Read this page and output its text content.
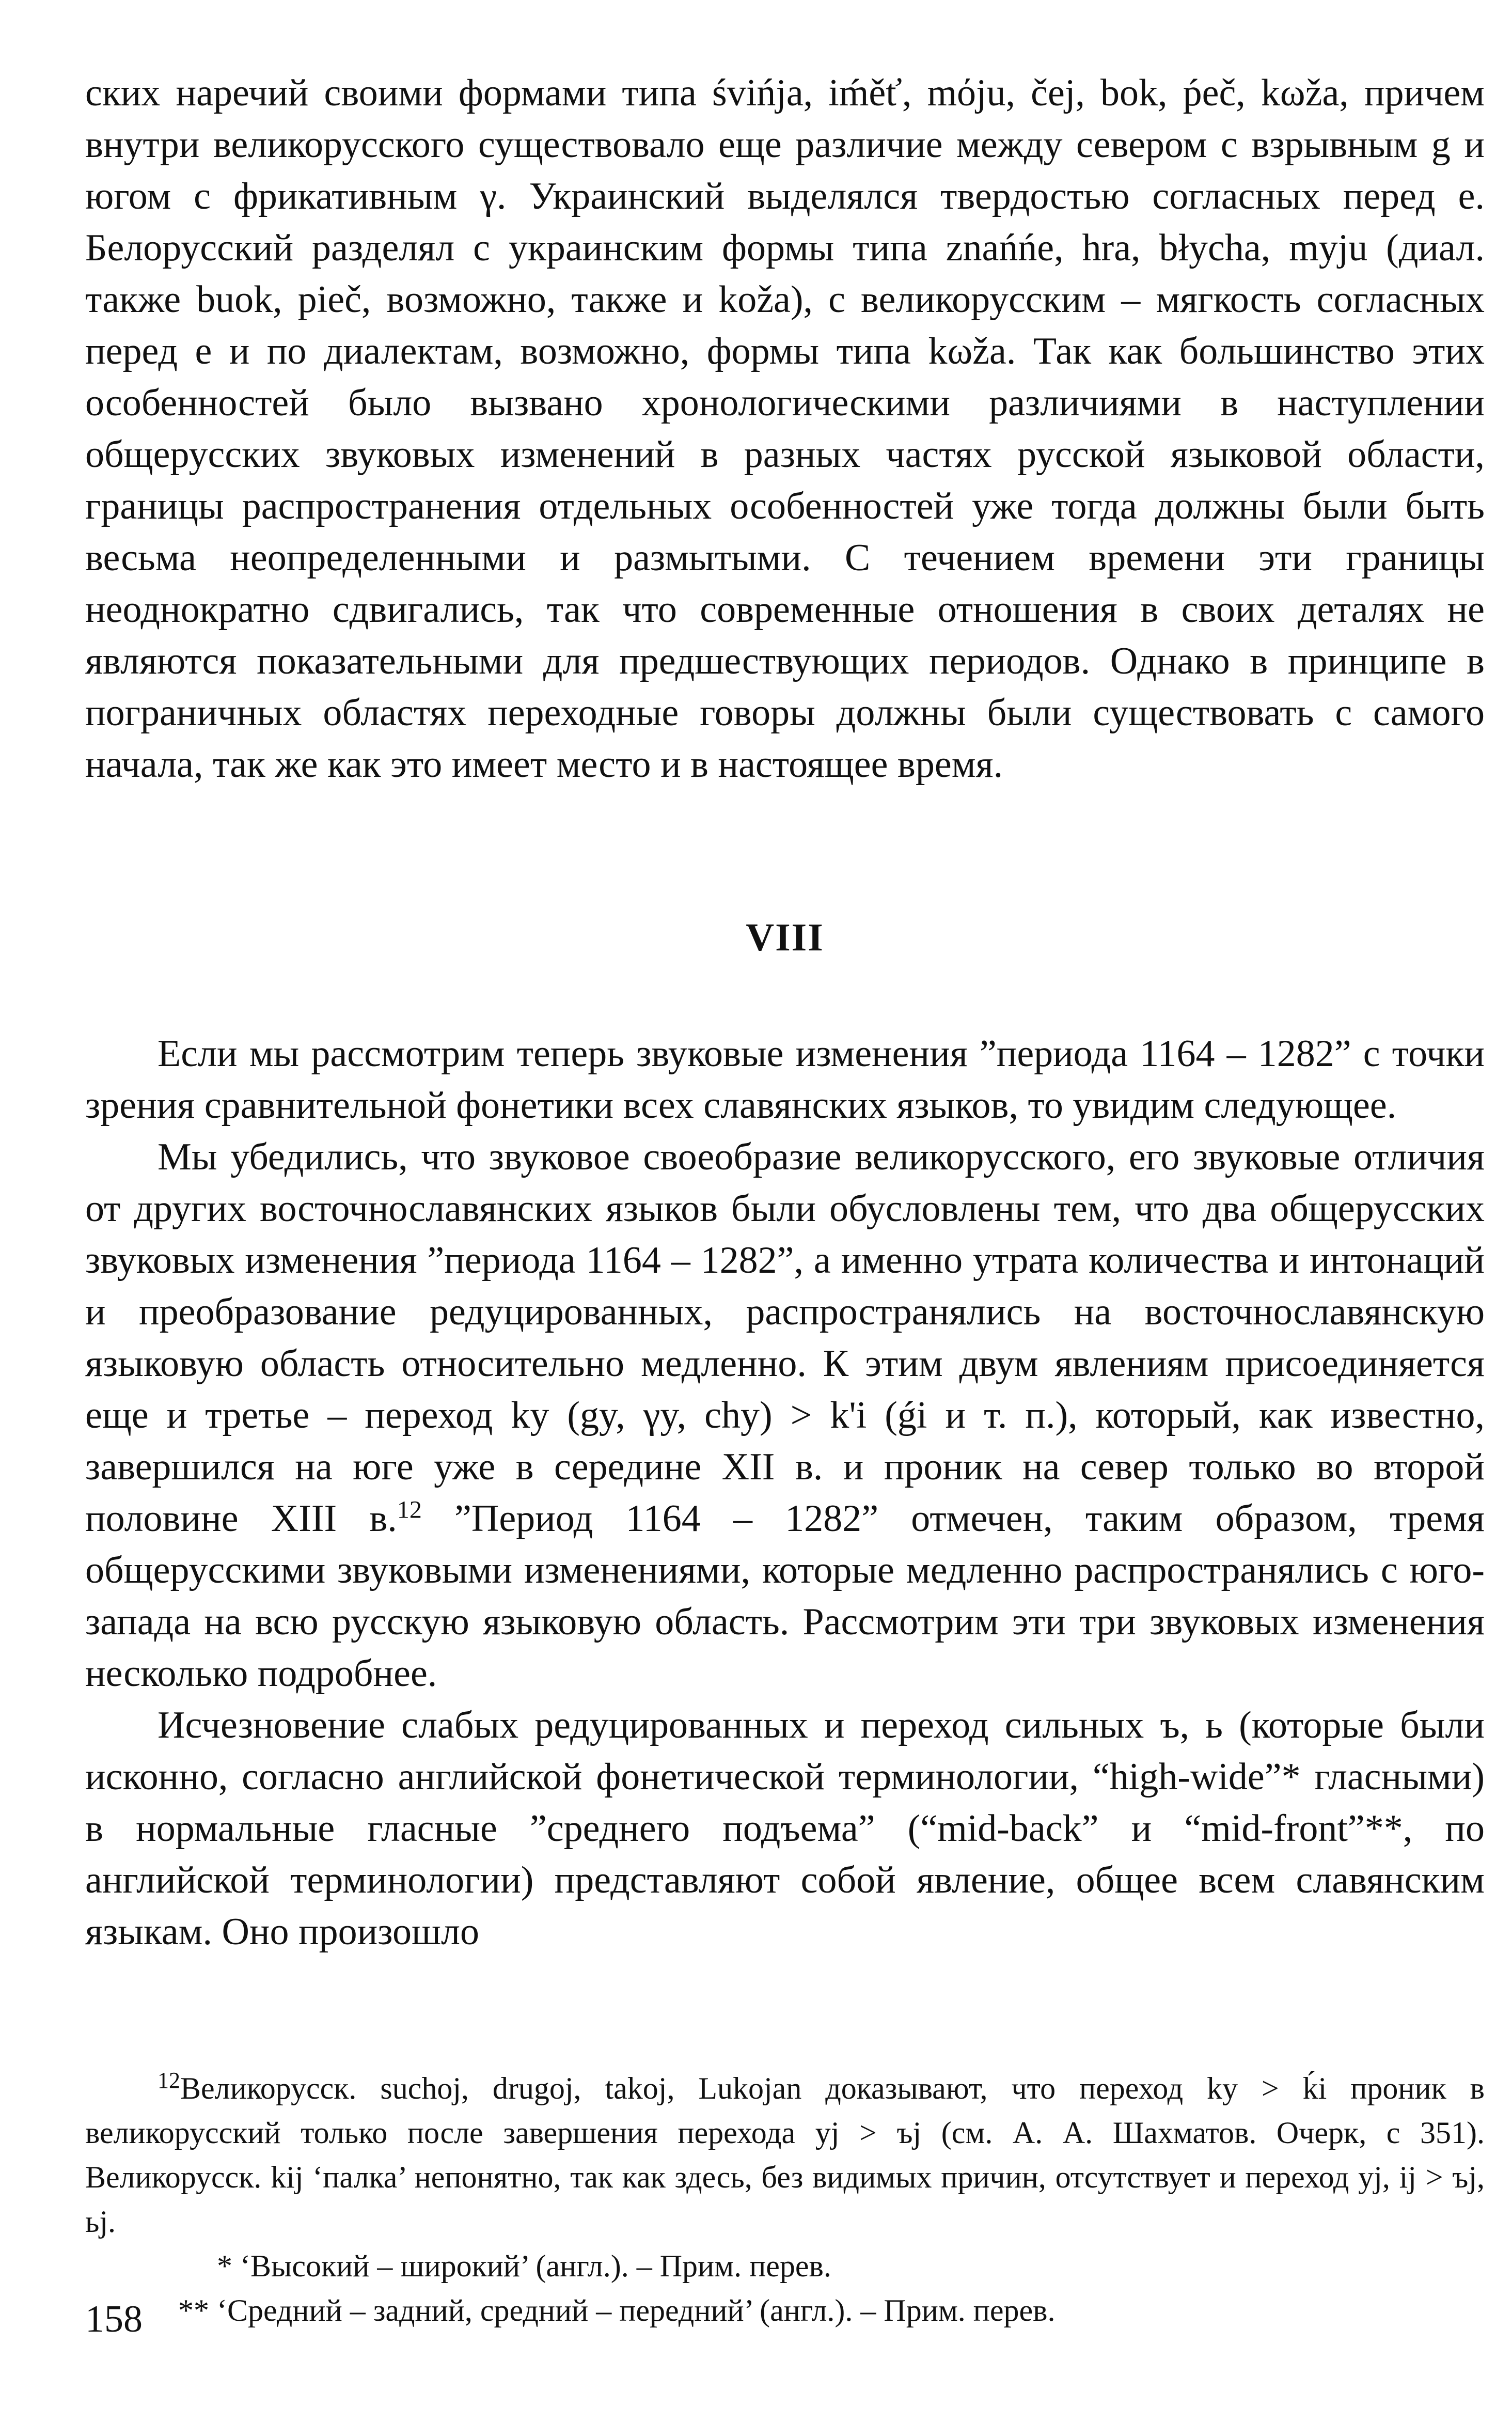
ских наречий своими формами типа śvińja, iḿěť, mόju, čej, bok, ṕeč, kωža, причем внутри великорусского существовало еще различие между севером с взрывным g и югом с фрикативным γ. Украинский выделялся твердостью согласных перед е. Белорусский разделял с украинским формы типа znańńe, hra, błycha, myju (диал. также buok, pieč, возможно, также и koža), с великорусским – мягкость согласных перед е и по диалектам, возможно, формы типа kωža. Так как большинство этих особенностей было вызвано хронологическими различиями в наступлении общерусских звуковых изменений в разных частях русской языковой области, границы распространения отдельных особенностей уже тогда должны были быть весьма неопределенными и размытыми. С течением времени эти границы неоднократно сдвигались, так что современные отношения в своих деталях не являются показательными для предшествующих периодов. Однако в принципе в пограничных областях переходные говоры должны были существовать с самого начала, так же как это имеет место и в настоящее время.

VIII

Если мы рассмотрим теперь звуковые изменения ”периода 1164 – 1282” с точки зрения сравнительной фонетики всех славянских языков, то увидим следующее.

Мы убедились, что звуковое своеобразие великорусского, его звуковые отличия от других восточнославянских языков были обусловлены тем, что два общерусских звуковых изменения ”периода 1164 – 1282”, а именно утрата количества и интонаций и преобразование редуцированных, распространялись на восточнославянскую языковую область относительно медленно. К этим двум явлениям присоединяется еще и третье – переход ky (gy, γy, chy) > k'i (ǵi и т. п.), который, как известно, завершился на юге уже в середине XII в. и проник на север только во второй половине XIII в.$^{12}$ ”Период 1164 – 1282” отмечен, таким образом, тремя общерусскими звуковыми изменениями, которые медленно распространялись с юго-запада на всю русскую языковую область. Рассмотрим эти три звуковых изменения несколько подробнее.

Исчезновение слабых редуцированных и переход сильных ъ, ь (которые были исконно, согласно английской фонетической терминологии, “high-wide”* гласными) в нормальные гласные ”среднего подъема” (“mid-back” и “mid-front”**, по английской терминологии) представляют собой явление, общее всем славянским языкам. Оно произошло

$^{12}$Великорусск. suchoj, drugoj, takoj, Lukojan доказывают, что переход ky > ḱi проник в великорусский только после завершения перехода yj > ъj (см. А. А. Шахматов. Очерк, с 351). Великорусск. kij ‘палка’ непонятно, так как здесь, без видимых причин, отсутствует и переход yj, ij > ъj, ьj.

* ‘Высокий – широкий’ (англ.). – Прим. перев.

** ‘Средний – задний, средний – передний’ (англ.). – Прим. перев.

158
